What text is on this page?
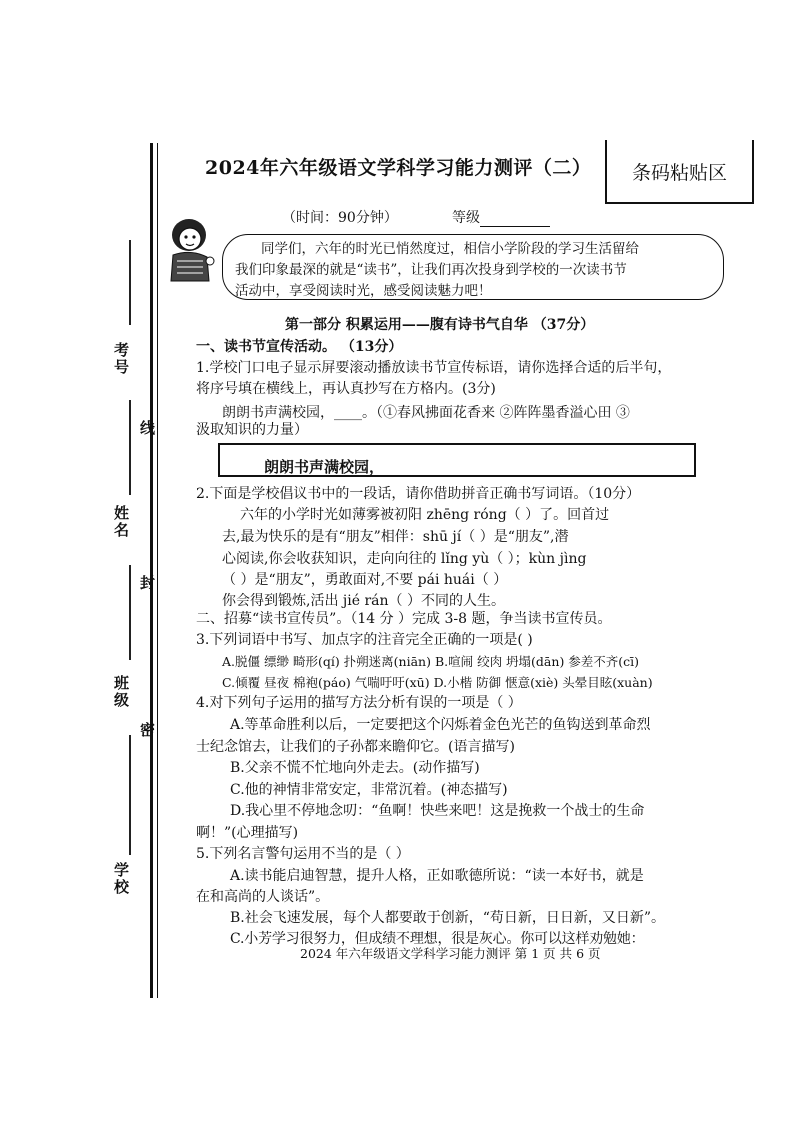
考号
姓名
班级
学校
线
封
密
2024年六年级语文学科学习能力测评（二） 条码粘贴区
（时间：90分钟）	等级
同学们，六年的时光已悄然度过，相信小学阶段的学习生活留给
我们印象最深的就是“读书”，让我们再次投身到学校的一次读书节
活动中，享受阅读时光，感受阅读魅力吧！
第一部分 积累运用——腹有诗书气自华 （37分）
一、读书节宣传活动。 （13分）
1.学校门口电子显示屏要滚动播放读书节宣传标语，请你选择合适的后半句，
将序号填在横线上，再认真抄写在方格内。(3分)
朗朗书声满校园，____。（①春风拂面花香来 ②阵阵墨香溢心田 ③
汲取知识的力量）
朗朗书声满校园，
2.下面是学校倡议书中的一段话，请你借助拼音正确书写词语。（10分）
六年的小学时光如薄雾被初阳 zhēng róng（ ）了。回首过
去,最为快乐的是有“朋友”相伴：shū jí（ ）是“朋友”,潜
心阅读,你会收获知识，走向向往的 lǐng yù（ ）；kùn jìng
（ ）是“朋友”，勇敢面对,不要 pái huái（ ）
你会得到锻炼,活出 jié rán（ ）不同的人生。
二、招募“读书宣传员”。（14 分 ）完成 3-8 题，争当读书宣传员。
3.下列词语中书写、加点字的注音完全正确的一项是( )
A.脱僵 缥缈 畸形(qí) 扑朔迷离(niān) B.喧闹 绞肉 坍塌(dān) 参差不齐(cī)
C.倾覆 昼夜 棉袍(páo) 气喘吁吁(xū) D.小楷 防御 惬意(xiè) 头晕目眩(xuàn)
4.对下列句子运用的描写方法分析有误的一项是（ ）
A.等革命胜利以后，一定要把这个闪烁着金色光芒的鱼钩送到革命烈
士纪念馆去，让我们的子孙都来瞻仰它。(语言描写)
B.父亲不慌不忙地向外走去。(动作描写)
C.他的神情非常安定，非常沉着。(神态描写)
D.我心里不停地念叨：“鱼啊！快些来吧！这是挽救一个战士的生命
啊！”(心理描写)
5.下列名言警句运用不当的是（ ）
A.读书能启迪智慧，提升人格，正如歌德所说：“读一本好书，就是
在和高尚的人谈话”。
B.社会飞速发展，每个人都要敢于创新，“苟日新，日日新，又日新”。
C.小芳学习很努力，但成绩不理想，很是灰心。你可以这样劝勉她：
2024 年六年级语文学科学习能力测评 第 1 页 共 6 页
